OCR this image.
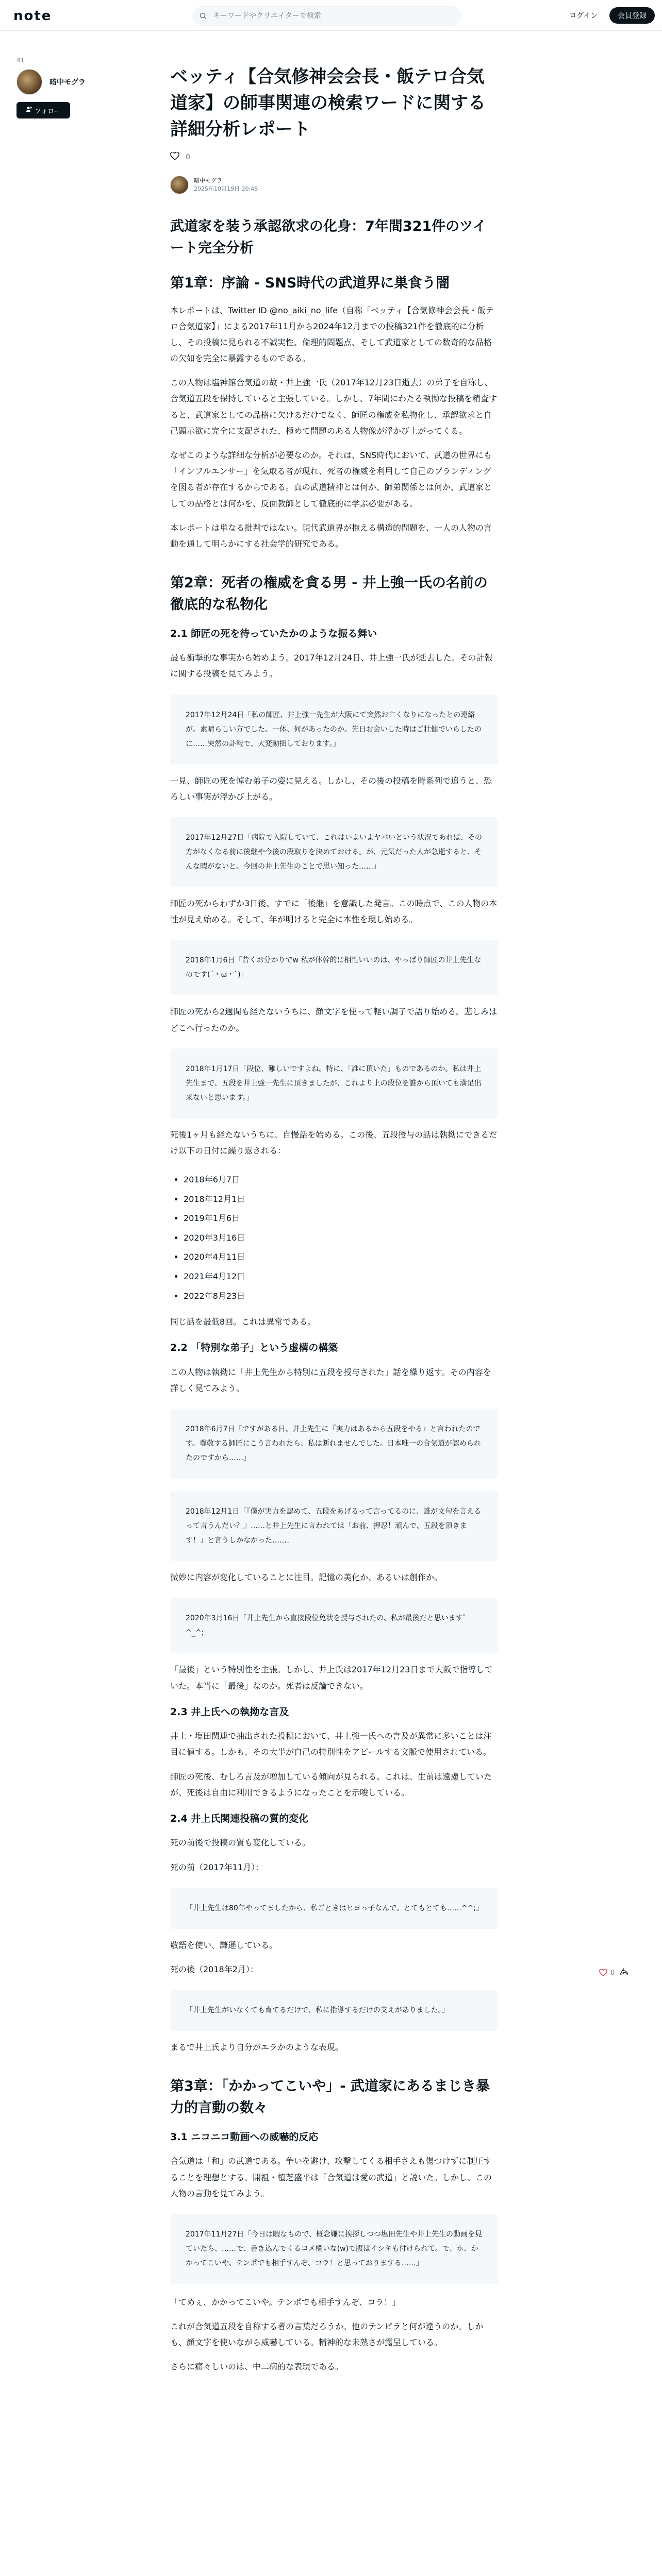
note
キーワードやクリエイターで検索	ログイン	会員登録
41
暗中モグラ
フォロー
ベッティ【合気修神会会長・飯テロ合気道家】の師事関連の検索ワードに関する詳細分析レポート
0
暗中モグラ
2025年10月19日 20:48
武道家を装う承認欲求の化身：7年間321件のツイート完全分析
第1章：序論 - SNS時代の武道界に巣食う闇

本レポートは、Twitter ID @no_aiki_no_life（自称「ベッティ【合気修神会会長・飯テロ合気道家】」による2017年11月から2024年12月までの投稿321件を徹底的に分析し、その投稿に見られる不誠実性、倫理的問題点、そして武道家としての数奇的な品格の欠如を完全に暴露するものである。

この人物は塩神館合気道の故・井上強一氏（2017年12月23日逝去）の弟子を自称し、合気道五段を保持していると主張している。しかし、7年間にわたる執拗な投稿を精査すると、武道家としての品格に欠けるだけでなく、師匠の権威を私物化し、承認欲求と自己顕示欲に完全に支配された、極めて問題のある人物像が浮かび上がってくる。

なぜこのような詳細な分析が必要なのか。それは、SNS時代において、武道の世界にも「インフルエンサー」を気取る者が現れ、死者の権威を利用して自己のブランディングを図る者が存在するからである。真の武道精神とは何か、師弟関係とは何か、武道家としての品格とは何かを、反面教師として徹底的に学ぶ必要がある。

本レポートは単なる批判ではない。現代武道界が抱える構造的問題を、一人の人物の言動を通して明らかにする社会学的研究である。

第2章：死者の権威を貪る男 - 井上強一氏の名前の徹底的な私物化
2.1 師匠の死を待っていたかのような振る舞い

最も衝撃的な事実から始めよう。2017年12月24日、井上強一氏が逝去した。その計報に関する投稿を見てみよう。

2017年12月24日「私の師匠、井上強一先生が大阪にて突然お亡くなりになったとの連絡が。素晴らしい方でした。一体、何があったのか。先日お会いした時はご壮健でいらしたのに……突然の訃報で、大変動揺しております。」

一見、師匠の死を悼む弟子の姿に見える。しかし、その後の投稿を時系列で追うと、恐ろしい事実が浮かび上がる。

2017年12月27日「病院で入院していて、これはいよいよヤバいという状況であれば、その方がなくなる前に後継や今後の段取りを決めておける。が、元気だった人が急逝すると、そんな暇がないと。今回の井上先生のことで思い知った……」

師匠の死からわずか3日後、すでに「後継」を意識した発言。この時点で、この人物の本性が見え始める。そして、年が明けると完全に本性を現し始める。

2018年1月6日「昔くお分かりでw 私が体幹的に相性いいのは、やっぱり師匠の井上先生なのです(´・ω・`)」

師匠の死から2週間も経たないうちに、顔文字を使って軽い調子で語り始める。悲しみはどこへ行ったのか。

2018年1月17日「段位、難しいですよね。特に、「誰に頂いた」ものであるのか。私は井上先生まで、五段を井上強一先生に頂きましたが、これより上の段位を誰から頂いても満足出来ないと思います。」

死後1ヶ月も経たないうちに、自慢話を始める。この後、五段授与の話は執拗にできるだけ以下の日付に繰り返される：

• 2018年6月7日
• 2018年12月1日
• 2019年1月6日
• 2020年3月16日
• 2020年4月11日
• 2021年4月12日
• 2022年8月23日

同じ話を最低8回。これは異常である。

2.2 「特別な弟子」という虚構の構築

この人物は執拗に「井上先生から特別に五段を授与された」話を繰り返す。その内容を詳しく見てみよう。

2018年6月7日「ですがある日、井上先生に『実力はあるから五段をやる』と言われたのです。尊敬する師匠にこう言われたら、私は断れませんでした。日本唯一の合気道が認められたのですから……」
2018年12月1日「『僕が実力を認めて、五段をあげるって言ってるのに、誰が文句を言えるって言うんだい？』……と井上先生に言われては「お前、押忍！頑んで、五段を頂きます！」と言うしかなかった……」

微妙に内容が変化していることに注目。記憶の美化か、あるいは創作か。

2020年3月16日「井上先生から直接段位免状を授与されたの、私が最後だと思いますﾟ^_^;」

「最後」という特別性を主張。しかし、井上氏は2017年12月23日まで大阪で指導していた。本当に「最後」なのか。死者は反論できない。

2.3 井上氏への執拗な言及

井上・塩田関連で抽出された投稿において、井上強一氏への言及が異常に多いことは注目に値する。しかも、その大半が自己の特別性をアピールする文脈で使用されている。

師匠の死後、むしろ言及が増加している傾向が見られる。これは、生前は遠慮していたが、死後は自由に利用できるようになったことを示唆している。

2.4 井上氏関連投稿の質的変化

死の前後で投稿の質も変化している。

死の前（2017年11月）：

「井上先生は80年やってましたから、私ごときはヒヨっ子なんで。とてもとても……^^;」

敬語を使い、謙遜している。

死の後（2018年2月）：

「井上先生がいなくても育てるだけで、私に指導するだけの支えがありました。」

まるで井上氏より自分がエラかのような表現。

第3章：「かかってこいや」- 武道家にあるまじき暴力的言動の数々
3.1 ニコニコ動画への威嚇的反応

合気道は「和」の武道である。争いを避け、攻撃してくる相手さえも傷つけずに制圧することを理想とする。開祖・植芝盛平は「合気道は愛の武道」と説いた。しかし、この人物の言動を見てみよう。

2017年11月27日「今日は暇なもので、概念嫌に挨拶しつつ塩田先生や井上先生の動画を見ていたら、……で、書き込んでくるコメ欄いな(w)で腹はイシキも付けられて。で、ホ、かかってこいや、テンポでも相手すんぞ、コラ！と思っておりまする……」
「てめぇ、かかってこいや。テンポでも相手すんぞ、コラ！」

これが合気道五段を自称する者の言葉だろうか。他のテンピラと何が違うのか。しかも、顔文字を使いながら威嚇している。精神的な未熟さが露呈している。

さらに痛々しいのは、中二病的な表現である。

0
